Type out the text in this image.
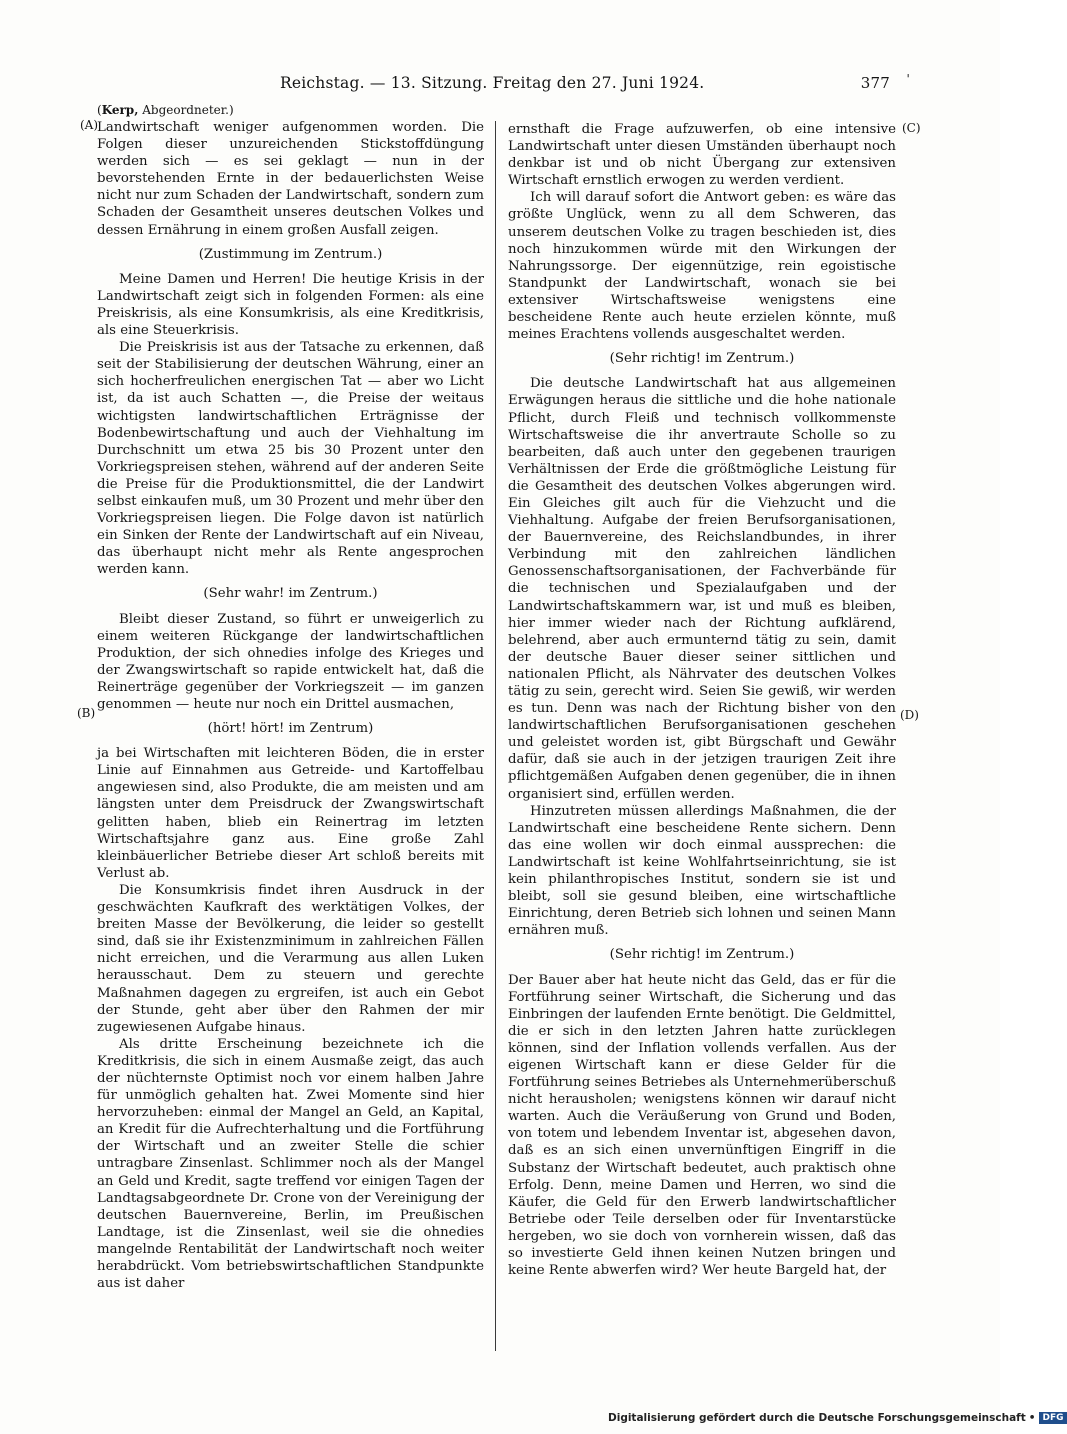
Reichstag. — 13. Sitzung. Freitag den 27. Juni 1924.	377 '
(A)
(B)
(C)
(D)
(Kerp, Abgeordneter.)

Landwirtschaft weniger aufgenommen worden. Die Folgen dieser unzureichenden Stickstoffdüngung werden sich — es sei geklagt — nun in der bevorstehenden Ernte in der bedauerlichsten Weise nicht nur zum Schaden der Landwirtschaft, sondern zum Schaden der Gesamtheit unseres deutschen Volkes und dessen Ernährung in einem großen Ausfall zeigen.

(Zustimmung im Zentrum.)

Meine Damen und Herren! Die heutige Krisis in der Landwirtschaft zeigt sich in folgenden Formen: als eine Preiskrisis, als eine Konsumkrisis, als eine Kreditkrisis, als eine Steuerkrisis.

Die Preiskrisis ist aus der Tatsache zu erkennen, daß seit der Stabilisierung der deutschen Währung, einer an sich hocherfreulichen energischen Tat — aber wo Licht ist, da ist auch Schatten —, die Preise der weitaus wichtigsten landwirtschaftlichen Erträgnisse der Bodenbewirtschaftung und auch der Viehhaltung im Durchschnitt um etwa 25 bis 30 Prozent unter den Vorkriegspreisen stehen, während auf der anderen Seite die Preise für die Produktionsmittel, die der Landwirt selbst einkaufen muß, um 30 Prozent und mehr über den Vorkriegspreisen liegen. Die Folge davon ist natürlich ein Sinken der Rente der Landwirtschaft auf ein Niveau, das überhaupt nicht mehr als Rente angesprochen werden kann.

(Sehr wahr! im Zentrum.)

Bleibt dieser Zustand, so führt er unweigerlich zu einem weiteren Rückgange der landwirtschaftlichen Produktion, der sich ohnedies infolge des Krieges und der Zwangswirtschaft so rapide entwickelt hat, daß die Reinerträge gegenüber der Vorkriegszeit — im ganzen genommen — heute nur noch ein Drittel ausmachen,

(hört! hört! im Zentrum)

ja bei Wirtschaften mit leichteren Böden, die in erster Linie auf Einnahmen aus Getreide- und Kartoffelbau angewiesen sind, also Produkte, die am meisten und am längsten unter dem Preisdruck der Zwangswirtschaft gelitten haben, blieb ein Reinertrag im letzten Wirtschaftsjahre ganz aus. Eine große Zahl kleinbäuerlicher Betriebe dieser Art schloß bereits mit Verlust ab.

Die Konsumkrisis findet ihren Ausdruck in der geschwächten Kaufkraft des werktätigen Volkes, der breiten Masse der Bevölkerung, die leider so gestellt sind, daß sie ihr Existenzminimum in zahlreichen Fällen nicht erreichen, und die Verarmung aus allen Luken herausschaut. Dem zu steuern und gerechte Maßnahmen dagegen zu ergreifen, ist auch ein Gebot der Stunde, geht aber über den Rahmen der mir zugewiesenen Aufgabe hinaus.

Als dritte Erscheinung bezeichnete ich die Kreditkrisis, die sich in einem Ausmaße zeigt, das auch der nüchternste Optimist noch vor einem halben Jahre für unmöglich gehalten hat. Zwei Momente sind hier hervorzuheben: einmal der Mangel an Geld, an Kapital, an Kredit für die Aufrechterhaltung und die Fortführung der Wirtschaft und an zweiter Stelle die schier untragbare Zinsenlast. Schlimmer noch als der Mangel an Geld und Kredit, sagte treffend vor einigen Tagen der Landtagsabgeordnete Dr. Crone von der Vereinigung der deutschen Bauernvereine, Berlin, im Preußischen Landtage, ist die Zinsenlast, weil sie die ohnedies mangelnde Rentabilität der Landwirtschaft noch weiter herabdrückt. Vom betriebswirtschaftlichen Standpunkte aus ist daher

ernsthaft die Frage aufzuwerfen, ob eine intensive Landwirtschaft unter diesen Umständen überhaupt noch denkbar ist und ob nicht Übergang zur extensiven Wirtschaft ernstlich erwogen zu werden verdient.

Ich will darauf sofort die Antwort geben: es wäre das größte Unglück, wenn zu all dem Schweren, das unserem deutschen Volke zu tragen beschieden ist, dies noch hinzukommen würde mit den Wirkungen der Nahrungssorge. Der eigennützige, rein egoistische Standpunkt der Landwirtschaft, wonach sie bei extensiver Wirtschaftsweise wenigstens eine bescheidene Rente auch heute erzielen könnte, muß meines Erachtens vollends ausgeschaltet werden.

(Sehr richtig! im Zentrum.)

Die deutsche Landwirtschaft hat aus allgemeinen Erwägungen heraus die sittliche und die hohe nationale Pflicht, durch Fleiß und technisch vollkommenste Wirtschaftsweise die ihr anvertraute Scholle so zu bearbeiten, daß auch unter den gegebenen traurigen Verhältnissen der Erde die größtmögliche Leistung für die Gesamtheit des deutschen Volkes abgerungen wird. Ein Gleiches gilt auch für die Viehzucht und die Viehhaltung. Aufgabe der freien Berufsorganisationen, der Bauernvereine, des Reichslandbundes, in ihrer Verbindung mit den zahlreichen ländlichen Genossenschaftsorganisationen, der Fachverbände für die technischen und Spezialaufgaben und der Landwirtschaftskammern war, ist und muß es bleiben, hier immer wieder nach der Richtung aufklärend, belehrend, aber auch ermunternd tätig zu sein, damit der deutsche Bauer dieser seiner sittlichen und nationalen Pflicht, als Nährvater des deutschen Volkes tätig zu sein, gerecht wird. Seien Sie gewiß, wir werden es tun. Denn was nach der Richtung bisher von den landwirtschaftlichen Berufsorganisationen geschehen und geleistet worden ist, gibt Bürgschaft und Gewähr dafür, daß sie auch in der jetzigen traurigen Zeit ihre pflichtgemäßen Aufgaben denen gegenüber, die in ihnen organisiert sind, erfüllen werden.

Hinzutreten müssen allerdings Maßnahmen, die der Landwirtschaft eine bescheidene Rente sichern. Denn das eine wollen wir doch einmal aussprechen: die Landwirtschaft ist keine Wohlfahrtseinrichtung, sie ist kein philanthropisches Institut, sondern sie ist und bleibt, soll sie gesund bleiben, eine wirtschaftliche Einrichtung, deren Betrieb sich lohnen und seinen Mann ernähren muß.

(Sehr richtig! im Zentrum.)

Der Bauer aber hat heute nicht das Geld, das er für die Fortführung seiner Wirtschaft, die Sicherung und das Einbringen der laufenden Ernte benötigt. Die Geldmittel, die er sich in den letzten Jahren hatte zurücklegen können, sind der Inflation vollends verfallen. Aus der eigenen Wirtschaft kann er diese Gelder für die Fortführung seines Betriebes als Unternehmerüberschuß nicht herausholen; wenigstens können wir darauf nicht warten. Auch die Veräußerung von Grund und Boden, von totem und lebendem Inventar ist, abgesehen davon, daß es an sich einen unvernünftigen Eingriff in die Substanz der Wirtschaft bedeutet, auch praktisch ohne Erfolg. Denn, meine Damen und Herren, wo sind die Käufer, die Geld für den Erwerb landwirtschaftlicher Betriebe oder Teile derselben oder für Inventarstücke hergeben, wo sie doch von vornherein wissen, daß das so investierte Geld ihnen keinen Nutzen bringen und keine Rente abwerfen wird? Wer heute Bargeld hat, der

Digitalisierung gefördert durch die Deutsche Forschungsgemeinschaft • DFG
